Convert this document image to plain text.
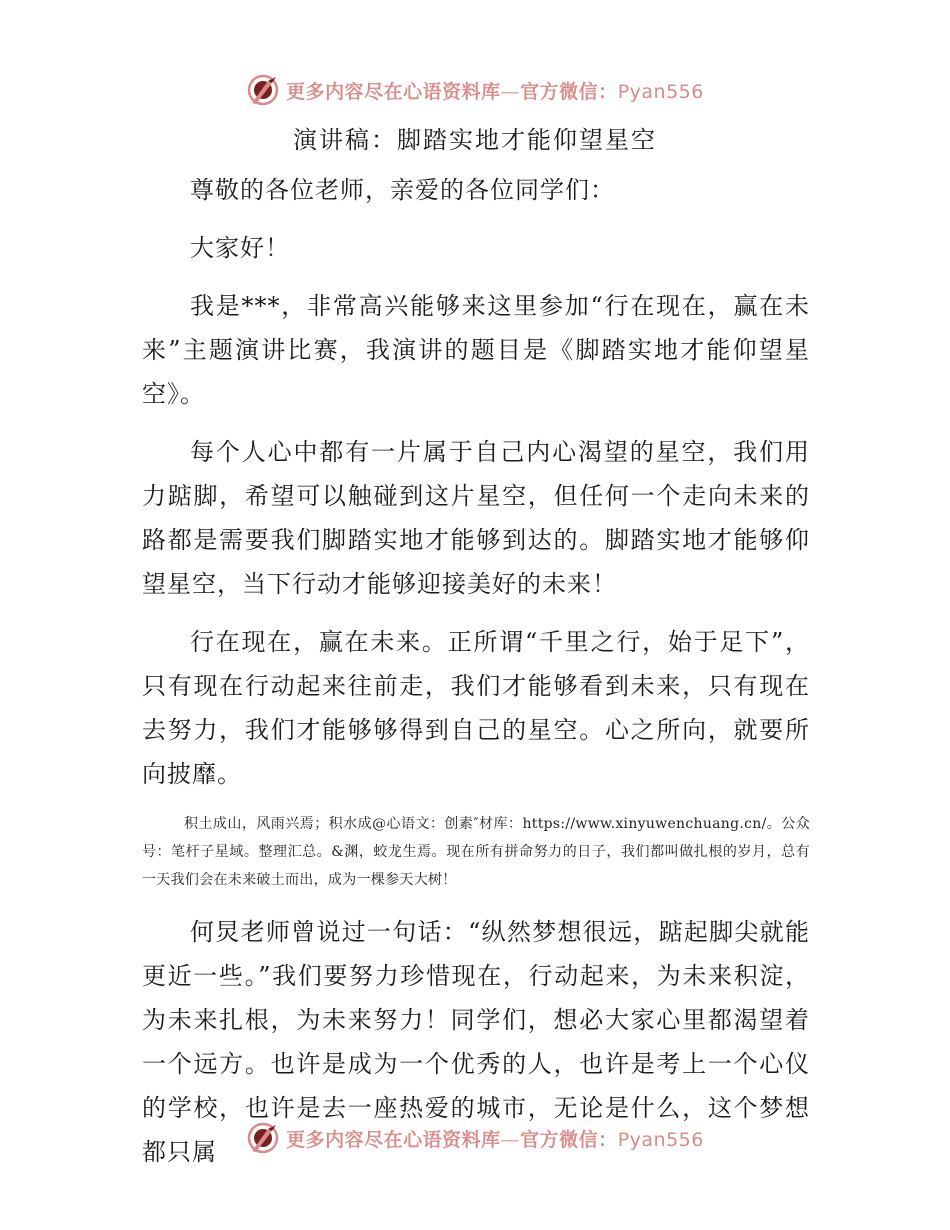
更多内容尽在心语资料库—官方微信：Pyan556
演讲稿：脚踏实地才能仰望星空

尊敬的各位老师，亲爱的各位同学们：

大家好！

我是***，非常高兴能够来这里参加“行在现在，赢在未来”主题演讲比赛，我演讲的题目是《脚踏实地才能仰望星空》。

每个人心中都有一片属于自己内心渴望的星空，我们用力踮脚，希望可以触碰到这片星空，但任何一个走向未来的路都是需要我们脚踏实地才能够到达的。脚踏实地才能够仰望星空，当下行动才能够迎接美好的未来！

行在现在，赢在未来。正所谓“千里之行，始于足下”，只有现在行动起来往前走，我们才能够看到未来，只有现在去努力，我们才能够够得到自己的星空。心之所向，就要所向披靡。

积土成山，风雨兴焉；积水成@心语文：创素″材库：https://www.xinyuwenchuang.cn/。公众号：笔杆子星域。整理汇总。&渊，蛟龙生焉。现在所有拼命努力的日子，我们都叫做扎根的岁月，总有一天我们会在未来破土而出，成为一棵参天大树！

何炅老师曾说过一句话：“纵然梦想很远，踮起脚尖就能更近一些。”我们要努力珍惜现在，行动起来，为未来积淀，为未来扎根，为未来努力！同学们，想必大家心里都渴望着一个远方。也许是成为一个优秀的人，也许是考上一个心仪的学校，也许是去一座热爱的城市，无论是什么，这个梦想都只属	更多内容尽在心语资料库—官方微信：Pyan556
